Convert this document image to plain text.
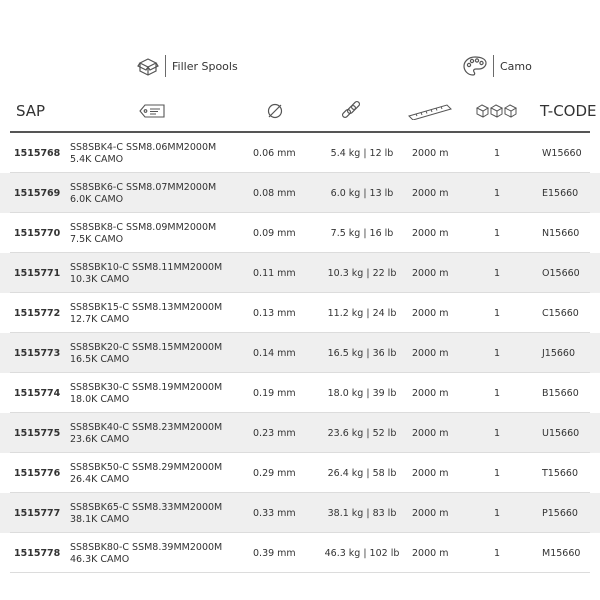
Filler Spools	Camo
SAP	T-CODE
1515768 SS8SBK4-C SSM8.06MM2000M
5.4K CAMO
0.06 mm	5.4 kg | 12 lb	2000 m	1	W15660
1515769 SS8SBK6-C SSM8.07MM2000M
6.0K CAMO
0.08 mm	6.0 kg | 13 lb	2000 m	1	E15660
1515770 SS8SBK8-C SSM8.09MM2000M
7.5K CAMO
0.09 mm	7.5 kg | 16 lb	2000 m	1	N15660
1515771 SS8SBK10-C SSM8.11MM2000M
10.3K CAMO
0.11 mm	10.3 kg | 22 lb	2000 m	1	O15660
1515772 SS8SBK15-C SSM8.13MM2000M
12.7K CAMO
0.13 mm	11.2 kg | 24 lb	2000 m	1	C15660
1515773 SS8SBK20-C SSM8.15MM2000M
16.5K CAMO
0.14 mm	16.5 kg | 36 lb	2000 m	1	J15660
1515774 SS8SBK30-C SSM8.19MM2000M
18.0K CAMO
0.19 mm	18.0 kg | 39 lb	2000 m	1	B15660
1515775 SS8SBK40-C SSM8.23MM2000M
23.6K CAMO
0.23 mm	23.6 kg | 52 lb	2000 m	1	U15660
1515776 SS8SBK50-C SSM8.29MM2000M
26.4K CAMO
0.29 mm	26.4 kg | 58 lb	2000 m	1	T15660
1515777 SS8SBK65-C SSM8.33MM2000M
38.1K CAMO
0.33 mm	38.1 kg | 83 lb	2000 m	1	P15660
1515778 SS8SBK80-C SSM8.39MM2000M
46.3K CAMO
0.39 mm	46.3 kg | 102 lb	2000 m	1	M15660
